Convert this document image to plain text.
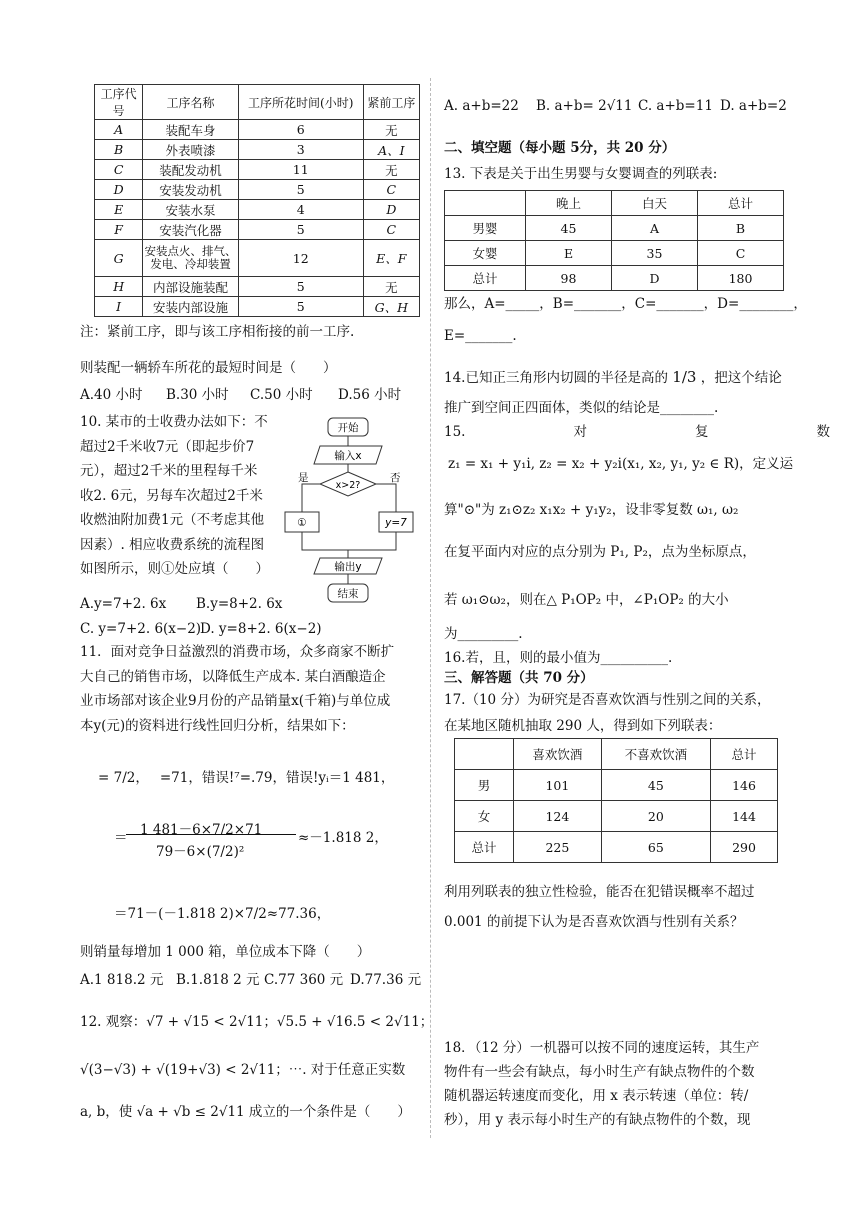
工序代号	工序名称	工序所花时间(小时)	紧前工序
A	装配车身	6	无
B	外表喷漆	3	A、I
C	装配发动机	11	无
D	安装发动机	5	C
E	安装水泵	4	D
F	安装汽化器	5	C
G	安装点火、排气、发电、冷却装置	12	E、F
H	内部设施装配	5	无
I	安装内部设施	5	G、H
注：紧前工序，即与该工序相衔接的前一工序.
则装配一辆轿车所花的最短时间是（　　）
A.40 小时 B.30 小时 C.50 小时 D.56 小时
10. 某市的士收费办法如下：不
超过2千米收7元（即起步价7
元），超过2千米的里程每千米
收2. 6元，另每车次超过2千米
收燃油附加费1元（不考虑其他
因素）. 相应收费系统的流程图
如图所示，则①处应填（　　）
开始
输入x
x>2?
是	否
①	y=7
输出y
结束
A.y=7+2. 6x B.y=8+2. 6x
C. y=7+2. 6(x−2)
D. y=8+2. 6(x−2)
11．面对竞争日益激烈的消费市场，众多商家不断扩
大自己的销售市场，以降低生产成本. 某白酒酿造企
业市场部对该企业9月份的产品销量x(千箱)与单位成
本y(元)的资料进行线性回归分析，结果如下：
= 7/2，　 =71，错误!⁷=.79，错误!yᵢ＝1 481，
1 481－6×7/2×71
＝	≈－1.818 2，
79－6×(7/2)²
＝71－(－1.818 2)×7/2≈77.36，
则销量每增加 1 000 箱，单位成本下降（　　）
A.1 818.2 元 B.1.818 2 元 C.77 360 元 D.77.36 元
12. 观察：√7 + √15 < 2√11；√5.5 + √16.5 < 2√11；
√(3−√3) + √(19+√3) < 2√11；⋯. 对于任意正实数
a, b，使 √a + √b ≤ 2√11 成立的一个条件是（　　）
A. a+b=22 B. a+b= 2√11 C. a+b=11 D. a+b=2
二、填空题（每小题 5分，共 20 分）
13. 下表是关于出生男婴与女婴调查的列联表:
	晚上	白天	总计
男婴	45	A	B
女婴	E	35	C
总计	98	D	180
那么，A=_____，B=_______，C=_______，D=________，
E=_______.
14.已知正三角形内切圆的半径是高的 1/3 ，把这个结论
推广到空间正四面体，类似的结论是________.
15.　　　　　　　　对　　　　　　　　复　　　　　　　　数
z₁ = x₁ + y₁i, z₂ = x₂ + y₂i(x₁, x₂, y₁, y₂ ∈ R)，定义运
算"⊙"为 z₁⊙z₂ x₁x₂ + y₁y₂，设非零复数 ω₁, ω₂
在复平面内对应的点分别为 P₁, P₂，点为坐标原点，
若 ω₁⊙ω₂，则在△ P₁OP₂ 中，∠P₁OP₂ 的大小
为_________.
16.若，且，则的最小值为__________.
三、解答题（共 70 分）
17.（10 分）为研究是否喜欢饮酒与性别之间的关系，
在某地区随机抽取 290 人，得到如下列联表：
	喜欢饮酒	不喜欢饮酒	总计
男	101	45	146
女	124	20	144
总计	225	65	290
利用列联表的独立性检验，能否在犯错误概率不超过
0.001 的前提下认为是否喜欢饮酒与性别有关系？
18．（12 分）一机器可以按不同的速度运转，其生产
物件有一些会有缺点，每小时生产有缺点物件的个数
随机器运转速度而变化，用 x 表示转速（单位：转/
秒），用 y 表示每小时生产的有缺点物件的个数，现
